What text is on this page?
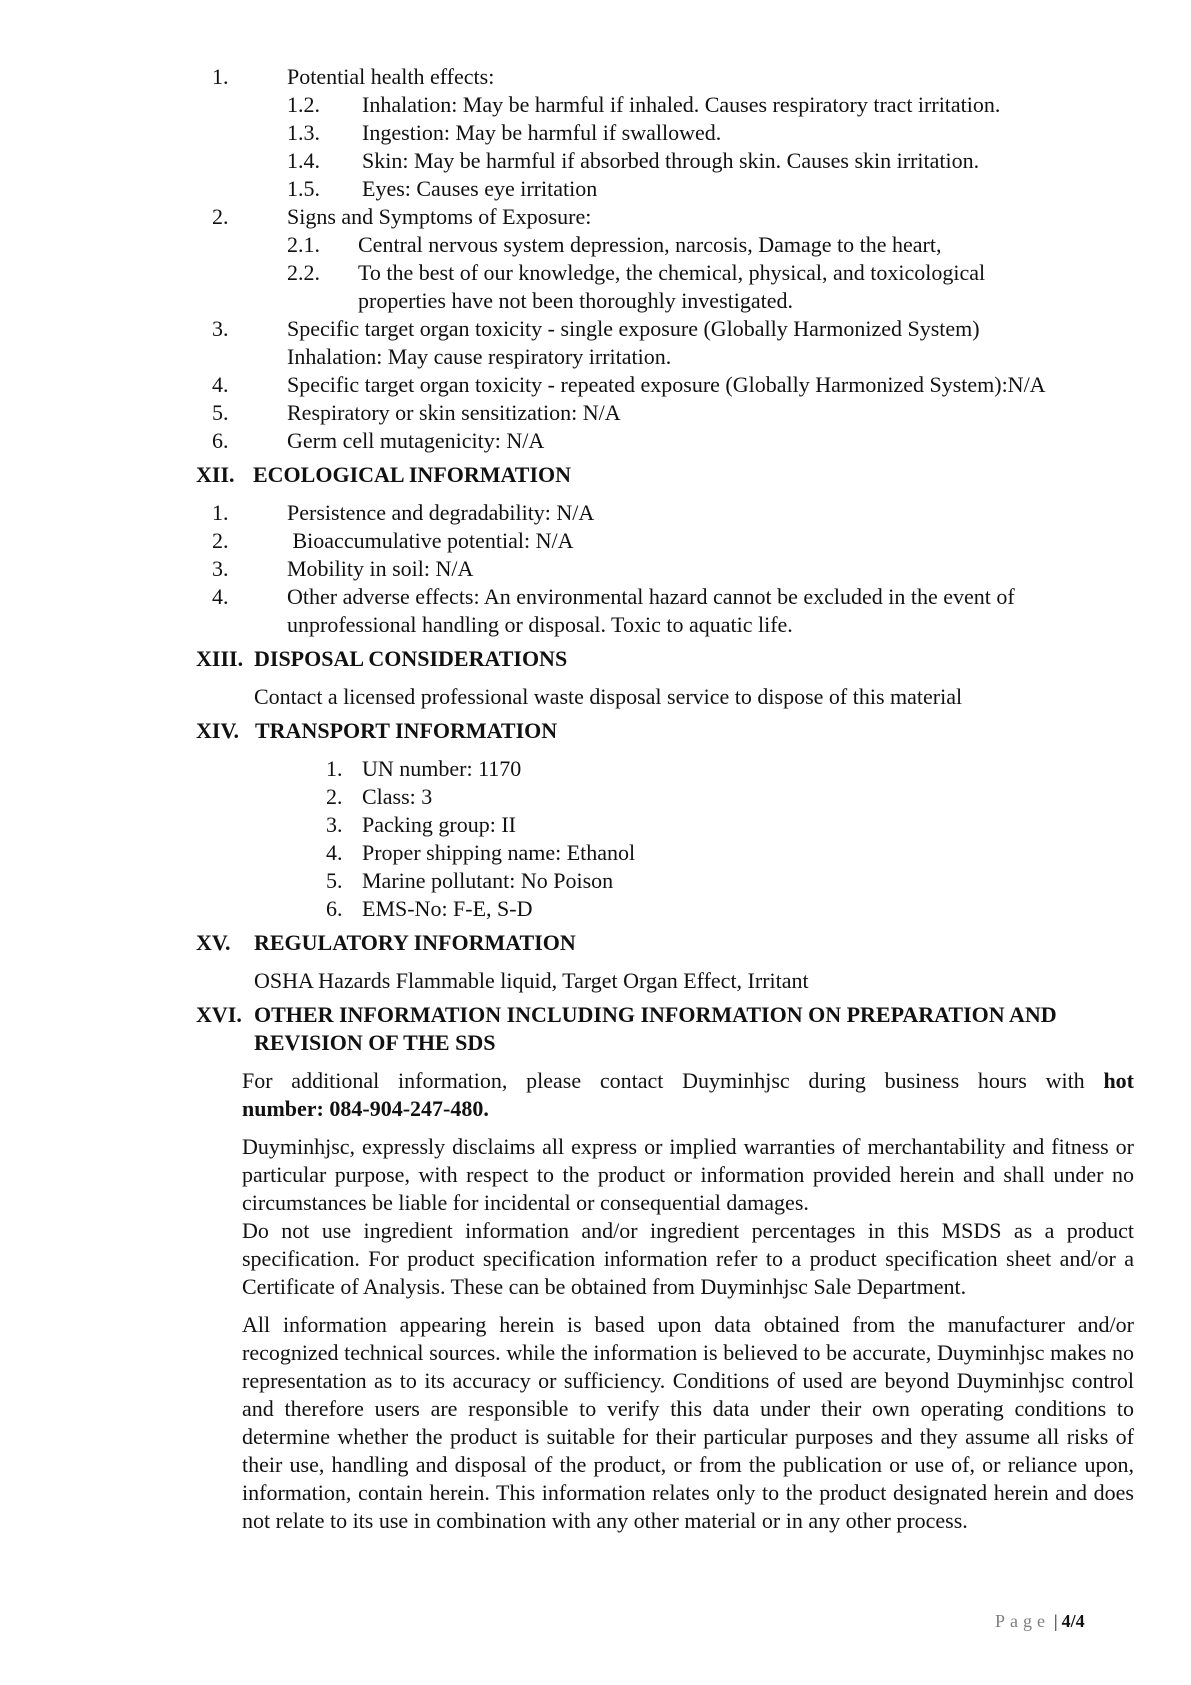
1.	Potential health effects:
1.2. Inhalation: May be harmful if inhaled. Causes respiratory tract irritation.
1.3. Ingestion: May be harmful if swallowed.
1.4. Skin: May be harmful if absorbed through skin. Causes skin irritation.
1.5. Eyes: Causes eye irritation
2.	Signs and Symptoms of Exposure:
2.1. Central nervous system depression, narcosis, Damage to the heart,
2.2. To the best of our knowledge, the chemical, physical, and toxicological
properties have not been thoroughly investigated.
3.	Specific target organ toxicity - single exposure (Globally Harmonized System)
Inhalation: May cause respiratory irritation.
4.	Specific target organ toxicity - repeated exposure (Globally Harmonized System):N/A
5.	Respiratory or skin sensitization: N/A
6.	Germ cell mutagenicity: N/A
XII. ECOLOGICAL INFORMATION
1.	Persistence and degradability: N/A
2.	Bioaccumulative potential: N/A
3.	Mobility in soil: N/A
4.	Other adverse effects: An environmental hazard cannot be excluded in the event of
unprofessional handling or disposal. Toxic to aquatic life.
XIII. DISPOSAL CONSIDERATIONS
Contact a licensed professional waste disposal service to dispose of this material
XIV. TRANSPORT INFORMATION
1. UN number: 1170
2. Class: 3
3. Packing group: II
4. Proper shipping name: Ethanol
5. Marine pollutant: No Poison
6. EMS-No: F-E, S-D
XV. REGULATORY INFORMATION
OSHA Hazards Flammable liquid, Target Organ Effect, Irritant
XVI. OTHER INFORMATION INCLUDING INFORMATION ON PREPARATION AND
REVISION OF THE SDS
For additional information, please contact Duyminhjsc during business hours with hot
number: 084-904-247-480.
Duyminhjsc, expressly disclaims all express or implied warranties of merchantability and fitness or particular purpose, with respect to the product or information provided herein and shall under no circumstances be liable for incidental or consequential damages.
Do not use ingredient information and/or ingredient percentages in this MSDS as a product specification. For product specification information refer to a product specification sheet and/or a Certificate of Analysis. These can be obtained from Duyminhjsc Sale Department.
All information appearing herein is based upon data obtained from the manufacturer and/or recognized technical sources. while the information is believed to be accurate, Duyminhjsc makes no representation as to its accuracy or sufficiency. Conditions of used are beyond Duyminhjsc control and therefore users are responsible to verify this data under their own operating conditions to determine whether the product is suitable for their particular purposes and they assume all risks of their use, handling and disposal of the product, or from the publication or use of, or reliance upon, information, contain herein. This information relates only to the product designated herein and does not relate to its use in combination with any other material or in any other process.
Page | 4/4
